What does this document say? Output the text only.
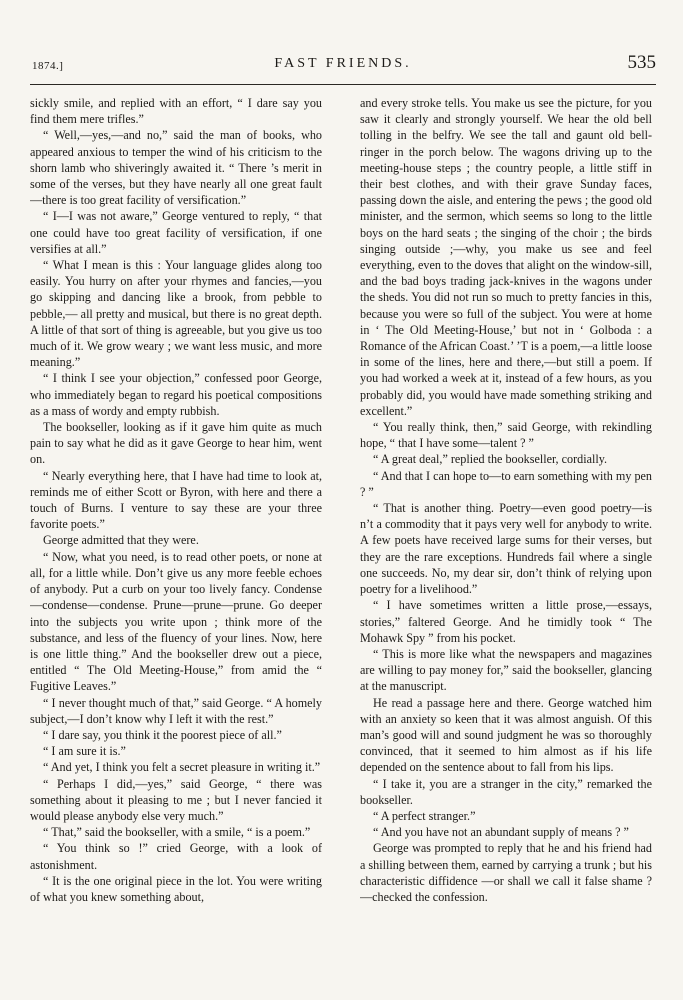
1874.]	FAST FRIENDS.	535

sickly smile, and replied with an effort, “ I dare say you find them mere trifles.”

“ Well,—yes,—and no,” said the man of books, who appeared anxious to temper the wind of his criticism to the shorn lamb who shiveringly awaited it. “ There ’s merit in some of the verses, but they have nearly all one great fault—there is too great facility of versification.”

“ I—I was not aware,” George ventured to reply, “ that one could have too great facility of versification, if one versifies at all.”

“ What I mean is this : Your language glides along too easily. You hurry on after your rhymes and fancies,—you go skipping and dancing like a brook, from pebble to pebble,— all pretty and musical, but there is no great depth. A little of that sort of thing is agreeable, but you give us too much of it. We grow weary ; we want less music, and more meaning.”

“ I think I see your objection,” confessed poor George, who immediately began to regard his poetical compositions as a mass of wordy and empty rubbish.

The bookseller, looking as if it gave him quite as much pain to say what he did as it gave George to hear him, went on.

“ Nearly everything here, that I have had time to look at, reminds me of either Scott or Byron, with here and there a touch of Burns. I venture to say these are your three favorite poets.”

George admitted that they were.

“ Now, what you need, is to read other poets, or none at all, for a little while. Don’t give us any more feeble echoes of anybody. Put a curb on your too lively fancy. Condense—condense—condense. Prune—prune—prune. Go deeper into the subjects you write upon ; think more of the substance, and less of the fluency of your lines. Now, here is one little thing.” And the bookseller drew out a piece, entitled “ The Old Meeting-House,” from amid the “ Fugitive Leaves.”

“ I never thought much of that,” said George. “ A homely subject,—I don’t know why I left it with the rest.”

“ I dare say, you think it the poorest piece of all.”

“ I am sure it is.”

“ And yet, I think you felt a secret pleasure in writing it.”

“ Perhaps I did,—yes,” said George, “ there was something about it pleasing to me ; but I never fancied it would please anybody else very much.”

“ That,” said the bookseller, with a smile, “ is a poem.”

“ You think so !” cried George, with a look of astonishment.

“ It is the one original piece in the lot. You were writing of what you knew something about,

and every stroke tells. You make us see the picture, for you saw it clearly and strongly yourself. We hear the old bell tolling in the belfry. We see the tall and gaunt old bell-ringer in the porch below. The wagons driving up to the meeting-house steps ; the country people, a little stiff in their best clothes, and with their grave Sunday faces, passing down the aisle, and entering the pews ; the good old minister, and the sermon, which seems so long to the little boys on the hard seats ; the singing of the choir ; the birds singing outside ;—why, you make us see and feel everything, even to the doves that alight on the window-sill, and the bad boys trading jack-knives in the wagons under the sheds. You did not run so much to pretty fancies in this, because you were so full of the subject. You were at home in ‘ The Old Meeting-House,’ but not in ‘ Golboda : a Romance of the African Coast.’ ’T is a poem,—a little loose in some of the lines, here and there,—but still a poem. If you had worked a week at it, instead of a few hours, as you probably did, you would have made something striking and excellent.”

“ You really think, then,” said George, with rekindling hope, “ that I have some—talent ? ”

“ A great deal,” replied the bookseller, cordially.

“ And that I can hope to—to earn something with my pen ? ”

“ That is another thing. Poetry—even good poetry—is n’t a commodity that it pays very well for anybody to write. A few poets have received large sums for their verses, but they are the rare exceptions. Hundreds fail where a single one succeeds. No, my dear sir, don’t think of relying upon poetry for a livelihood.”

“ I have sometimes written a little prose,—essays, stories,” faltered George. And he timidly took “ The Mohawk Spy ” from his pocket.

“ This is more like what the newspapers and magazines are willing to pay money for,” said the bookseller, glancing at the manuscript.

He read a passage here and there. George watched him with an anxiety so keen that it was almost anguish. Of this man’s good will and sound judgment he was so thoroughly convinced, that it seemed to him almost as if his life depended on the sentence about to fall from his lips.

“ I take it, you are a stranger in the city,” remarked the bookseller.

“ A perfect stranger.”

“ And you have not an abundant supply of means ? ”

George was prompted to reply that he and his friend had a shilling between them, earned by carrying a trunk ; but his characteristic diffidence —or shall we call it false shame ?—checked the confession.
